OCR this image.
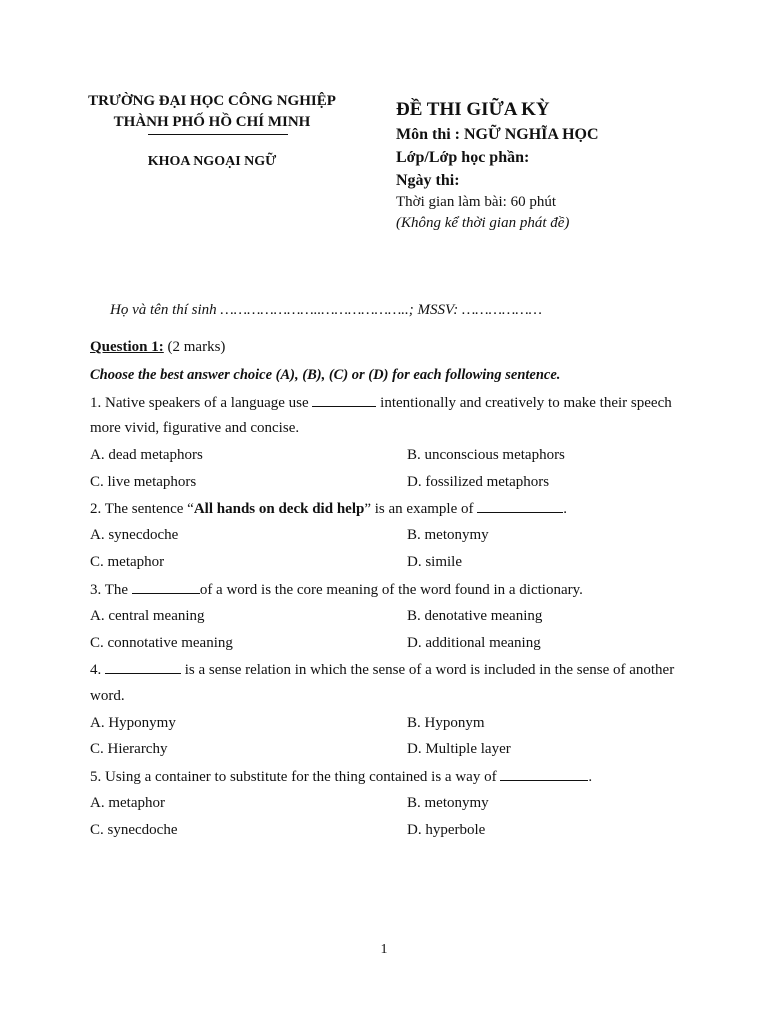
TRƯỜNG ĐẠI HỌC CÔNG NGHIỆP
THÀNH PHỐ HỒ CHÍ MINH
KHOA NGOẠI NGỮ
ĐỀ THI GIỮA KỲ
Môn thi : NGỮ NGHĨA HỌC
Lớp/Lớp học phần:
Ngày thi:
Thời gian làm bài: 60 phút
(Không kể thời gian phát đề)
Họ và tên thí sinh …………………..………………..; MSSV: ………………
Question 1: (2 marks)
Choose the best answer choice (A), (B), (C) or (D) for each following sentence.
1. Native speakers of a language use	intentionally and creatively to make their speech
more vivid, figurative and concise.
A. dead metaphors	B. unconscious metaphors
C. live metaphors	D. fossilized metaphors
2. The sentence “All hands on deck did help” is an example of	.
A. synecdoche	B. metonymy
C. metaphor	D. simile
3. The	of a word is the core meaning of the word found in a dictionary.
A. central meaning	B. denotative meaning
C. connotative meaning	D. additional meaning
4.	is a sense relation in which the sense of a word is included in the sense of another
word.
A. Hyponymy	B. Hyponym
C. Hierarchy	D. Multiple layer
5. Using a container to substitute for the thing contained is a way of	.
A. metaphor	B. metonymy
C. synecdoche	D. hyperbole
1
